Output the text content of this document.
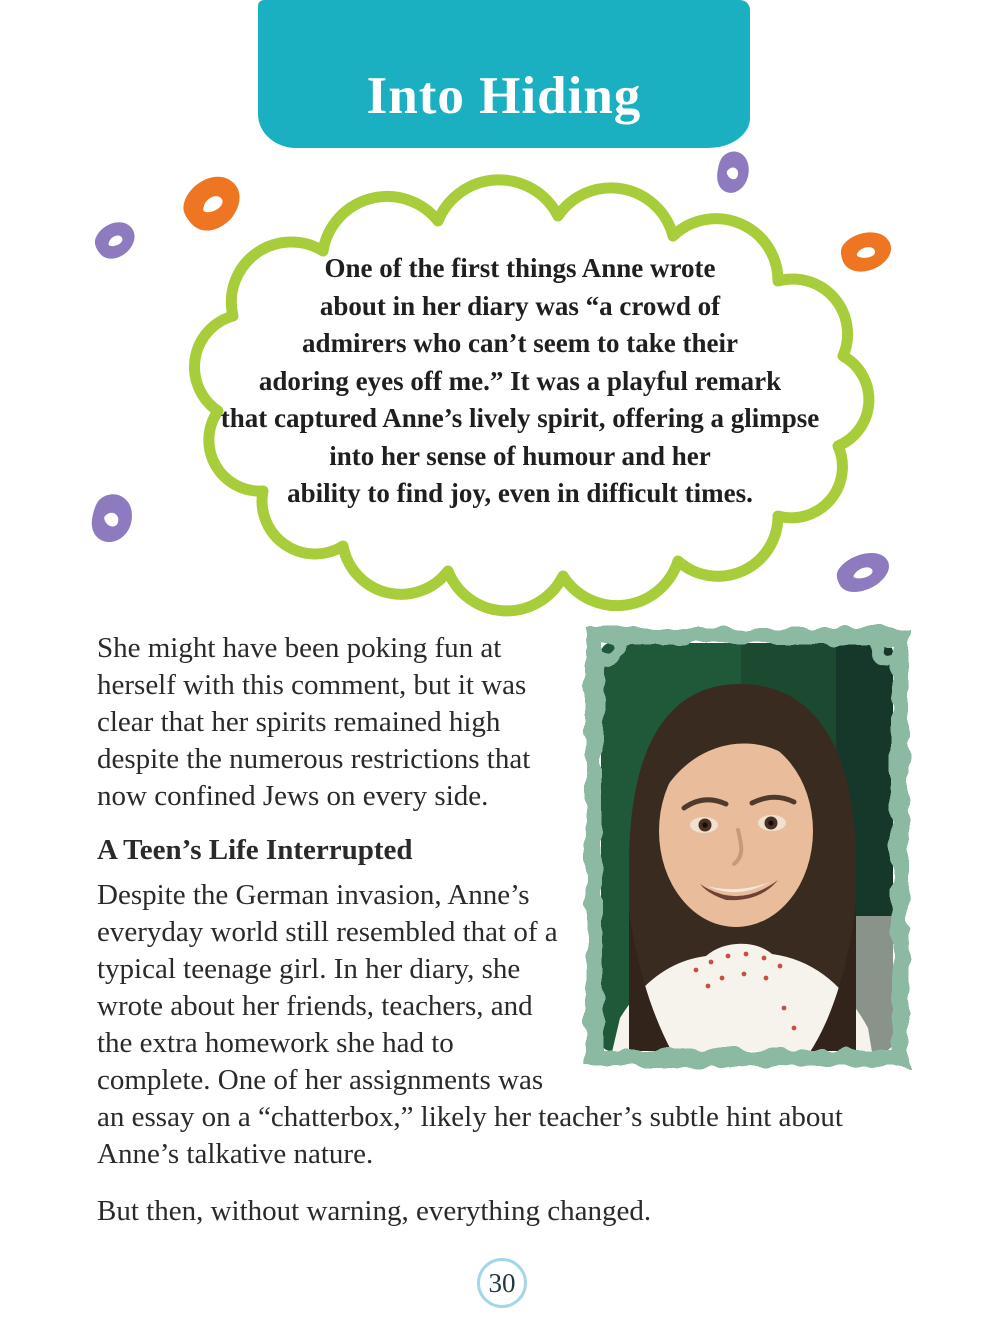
Into Hiding
One of the first things Anne wrote
about in her diary was “a crowd of
admirers who can’t seem to take their
adoring eyes off me.” It was a playful remark
that captured Anne’s lively spirit, offering a glimpse
into her sense of humour and her
ability to find joy, even in difficult times.

She might have been poking fun at herself with this comment, but it was clear that her spirits remained high despite the numerous restrictions that now confined Jews on every side.

A Teen’s Life Interrupted

Despite the German invasion, Anne’s everyday world still resembled that of a typical teenage girl. In her diary, she wrote about her friends, teachers, and the extra homework she had to complete. One of her assignments was an essay on a “chatterbox,” likely her teacher’s subtle hint about Anne’s talkative nature.

But then, without warning, everything changed.

30
